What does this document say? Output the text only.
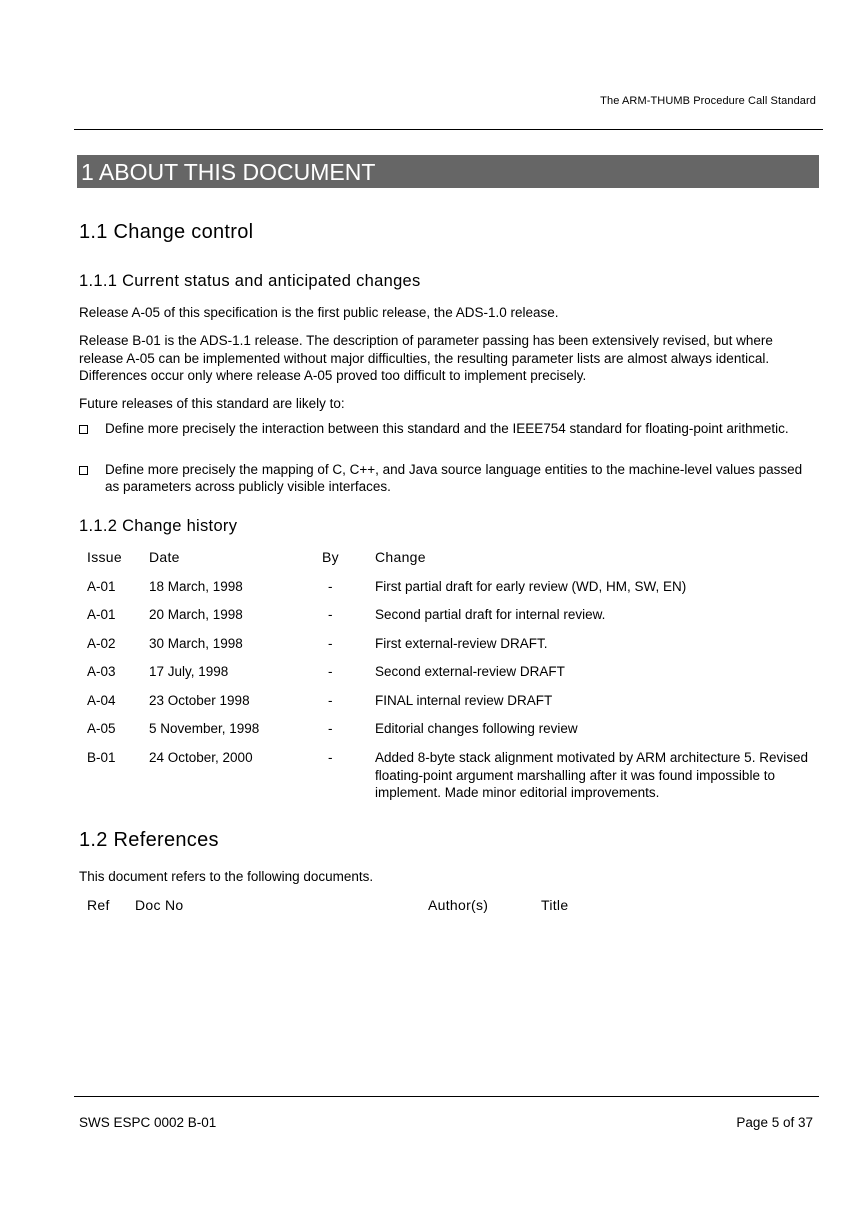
The ARM-THUMB Procedure Call Standard
1 ABOUT THIS DOCUMENT
1.1 Change control
1.1.1 Current status and anticipated changes
Release A-05 of this specification is the first public release, the ADS-1.0 release.
Release B-01 is the ADS-1.1 release. The description of parameter passing has been extensively revised, but where release A-05 can be implemented without major difficulties, the resulting parameter lists are almost always identical. Differences occur only where release A-05 proved too difficult to implement precisely.
Future releases of this standard are likely to:
Define more precisely the interaction between this standard and the IEEE754 standard for floating-point arithmetic.
Define more precisely the mapping of C, C++, and Java source language entities to the machine-level values passed as parameters across publicly visible interfaces.
1.1.2 Change history
Issue Date	By	Change
A-01 18 March, 1998	-	First partial draft for early review (WD, HM, SW, EN)
A-01 20 March, 1998	-	Second partial draft for internal review.
A-02 30 March, 1998	-	First external-review DRAFT.
A-03 17 July, 1998	-	Second external-review DRAFT
A-04 23 October 1998	-	FINAL internal review DRAFT
A-05 5 November, 1998	-	Editorial changes following review
B-01 24 October, 2000	-	Added 8-byte stack alignment motivated by ARM architecture 5. Revised floating-point argument marshalling after it was found impossible to implement. Made minor editorial improvements.
1.2 References
This document refers to the following documents.
Ref Doc No	Author(s)	Title
SWS ESPC 0002 B-01	Page 5 of 37
